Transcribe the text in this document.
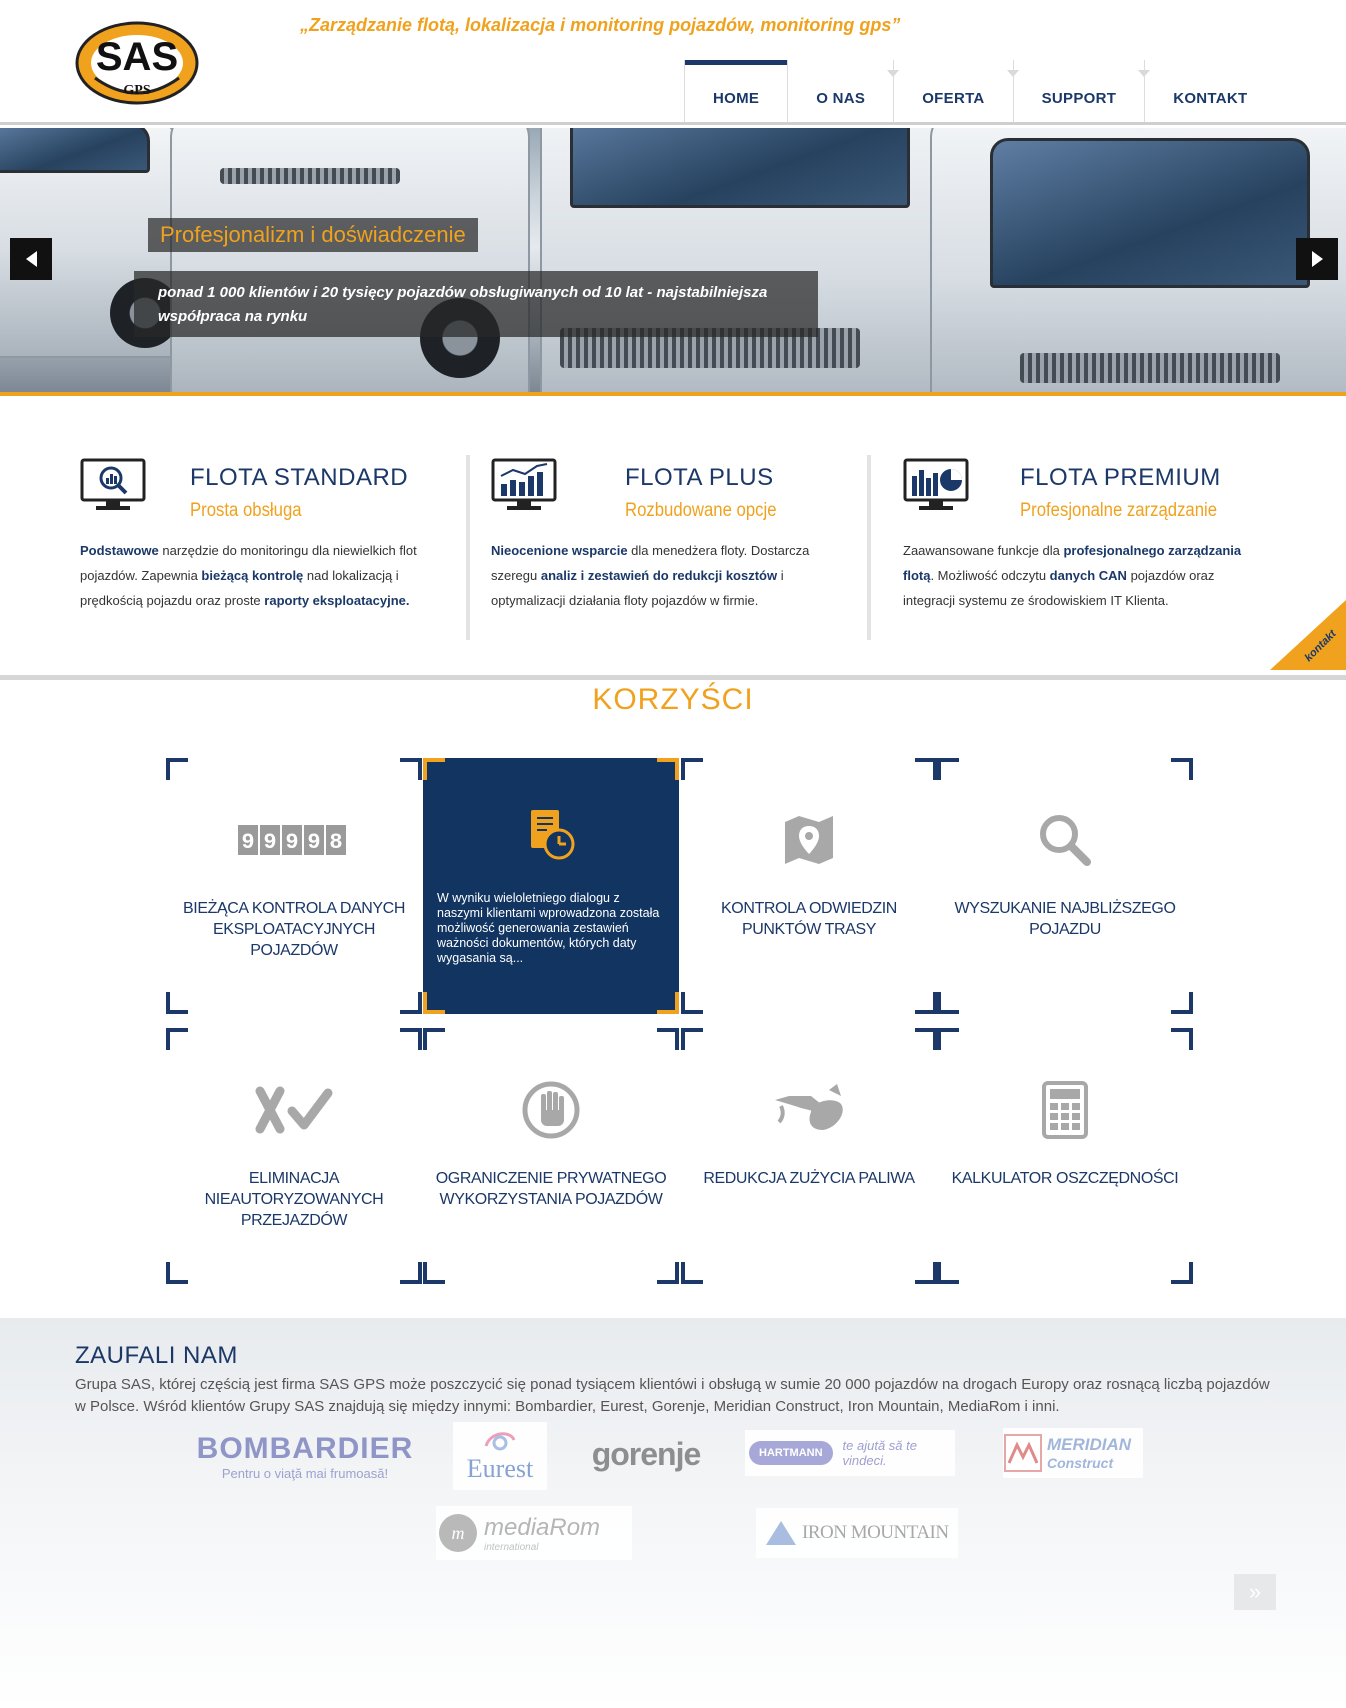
SAS
GPS
„Zarządzanie flotą, lokalizacja i monitoring pojazdów, monitoring gps”
HOME	O NAS	OFERTA	SUPPORT	KONTAKT
Profesjonalizm i doświadczenie
ponad 1 000 klientów i 20 tysięcy pojazdów obsługiwanych od 10 lat - najstabilniejsza współpraca na rynku
FLOTA STANDARD
Prosta obsługa
Podstawowe narzędzie do monitoringu dla niewielkich flot pojazdów. Zapewnia bieżącą kontrolę nad lokalizacją i prędkością pojazdu oraz proste raporty eksploatacyjne.
FLOTA PLUS
Rozbudowane opcje
Nieocenione wsparcie dla menedżera floty. Dostarcza szeregu analiz i zestawień do redukcji kosztów i optymalizacji działania floty pojazdów w firmie.
FLOTA PREMIUM
Profesjonalne zarządzanie
Zaawansowane funkcje dla profesjonalnego zarządzania flotą. Możliwość odczytu danych CAN pojazdów oraz integracji systemu ze środowiskiem IT Klienta.
kontakt
KORZYŚCI
9 9 9 9 8
BIEŻĄCA KONTROLA DANYCH EKSPLOATACYJNYCH POJAZDÓW
W wyniku wieloletniego dialogu z naszymi klientami wprowadzona została możliwość generowania zestawień ważności dokumentów, których daty wygasania są...
KONTROLA ODWIEDZIN PUNKTÓW TRASY
WYSZUKANIE NAJBLIŻSZEGO POJAZDU
ELIMINACJA NIEAUTORYZOWANYCH PRZEJAZDÓW
OGRANICZENIE PRYWATNEGO WYKORZYSTANIA POJAZDÓW
REDUKCJA ZUŻYCIA PALIWA	KALKULATOR OSZCZĘDNOŚCI
ZAUFALI NAM
Grupa SAS, której częścią jest firma SAS GPS może poszczycić się ponad tysiącem klientówi i obsługą w sumie 20 000 pojazdów na drogach Europy oraz rosnącą liczbą pojazdów w Polsce. Wśród klientów Grupy SAS znajdują się między innymi: Bombardier, Eurest, Gorenje, Meridian Construct, Iron Mountain, MediaRom i inni.
BOMBARDIER
Pentru o viaţă mai frumoasă!	Eurest gorenje	HARTMANN	te ajută să te vindeci.
MERIDIAN
Construct
m mediaRom
international
IRON MOUNTAIN
»
